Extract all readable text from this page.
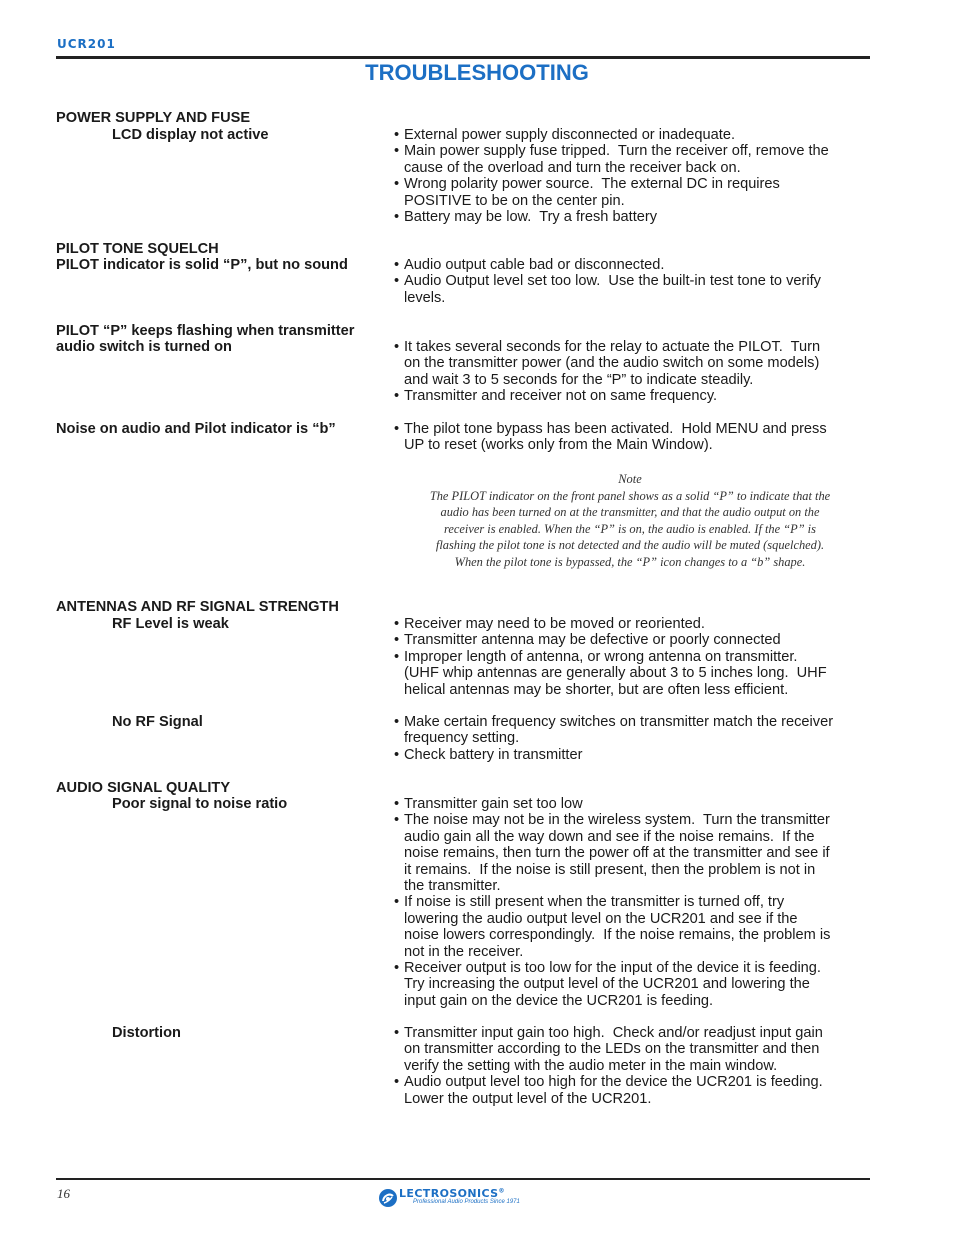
UCR201
TROUBLESHOOTING
POWER SUPPLY AND FUSE
LCD display not active
PILOT TONE SQUELCH
PILOT indicator is solid “P”, but no sound
PILOT “P” keeps flashing when transmitter
audio switch is turned on
Noise on audio and Pilot indicator is “b”
ANTENNAS AND RF SIGNAL STRENGTH
RF Level is weak
No RF Signal
AUDIO SIGNAL QUALITY
Poor signal to noise ratio
Distortion
Note
The PILOT indicator on the front panel shows as a solid “P” to indicate that the
audio has been turned on at the transmitter, and that the audio output on the
receiver is enabled. When the “P” is on, the audio is enabled. If the “P” is
flashing the pilot tone is not detected and the audio will be muted (squelched).
When the pilot tone is bypassed, the “P” icon changes to a “b” shape.
16	LECTROSONICS®
Professional Audio Products Since 1971
• External power supply disconnected or inadequate.
• Main power supply fuse tripped.  Turn the receiver off, remove the
cause of the overload and turn the receiver back on.
• Wrong polarity power source.  The external DC in requires
POSITIVE to be on the center pin.
• Battery may be low.  Try a fresh battery
• Audio output cable bad or disconnected.
• Audio Output level set too low.  Use the built-in test tone to verify
levels.
• It takes several seconds for the relay to actuate the PILOT.  Turn
on the transmitter power (and the audio switch on some models)
and wait 3 to 5 seconds for the “P” to indicate steadily.
• Transmitter and receiver not on same frequency.
• The pilot tone bypass has been activated.  Hold MENU and press
UP to reset (works only from the Main Window).
• Receiver may need to be moved or reoriented.
• Transmitter antenna may be defective or poorly connected
• Improper length of antenna, or wrong antenna on transmitter.
(UHF whip antennas are generally about 3 to 5 inches long.  UHF
helical antennas may be shorter, but are often less efficient.
• Make certain frequency switches on transmitter match the receiver
frequency setting.
• Check battery in transmitter
• Transmitter gain set too low
• The noise may not be in the wireless system.  Turn the transmitter
audio gain all the way down and see if the noise remains.  If the
noise remains, then turn the power off at the transmitter and see if
it remains.  If the noise is still present, then the problem is not in
the transmitter.
• If noise is still present when the transmitter is turned off, try
lowering the audio output level on the UCR201 and see if the
noise lowers correspondingly.  If the noise remains, the problem is
not in the receiver.
• Receiver output is too low for the input of the device it is feeding.
Try increasing the output level of the UCR201 and lowering the
input gain on the device the UCR201 is feeding.
• Transmitter input gain too high.  Check and/or readjust input gain
on transmitter according to the LEDs on the transmitter and then
verify the setting with the audio meter in the main window.
• Audio output level too high for the device the UCR201 is feeding.
Lower the output level of the UCR201.
